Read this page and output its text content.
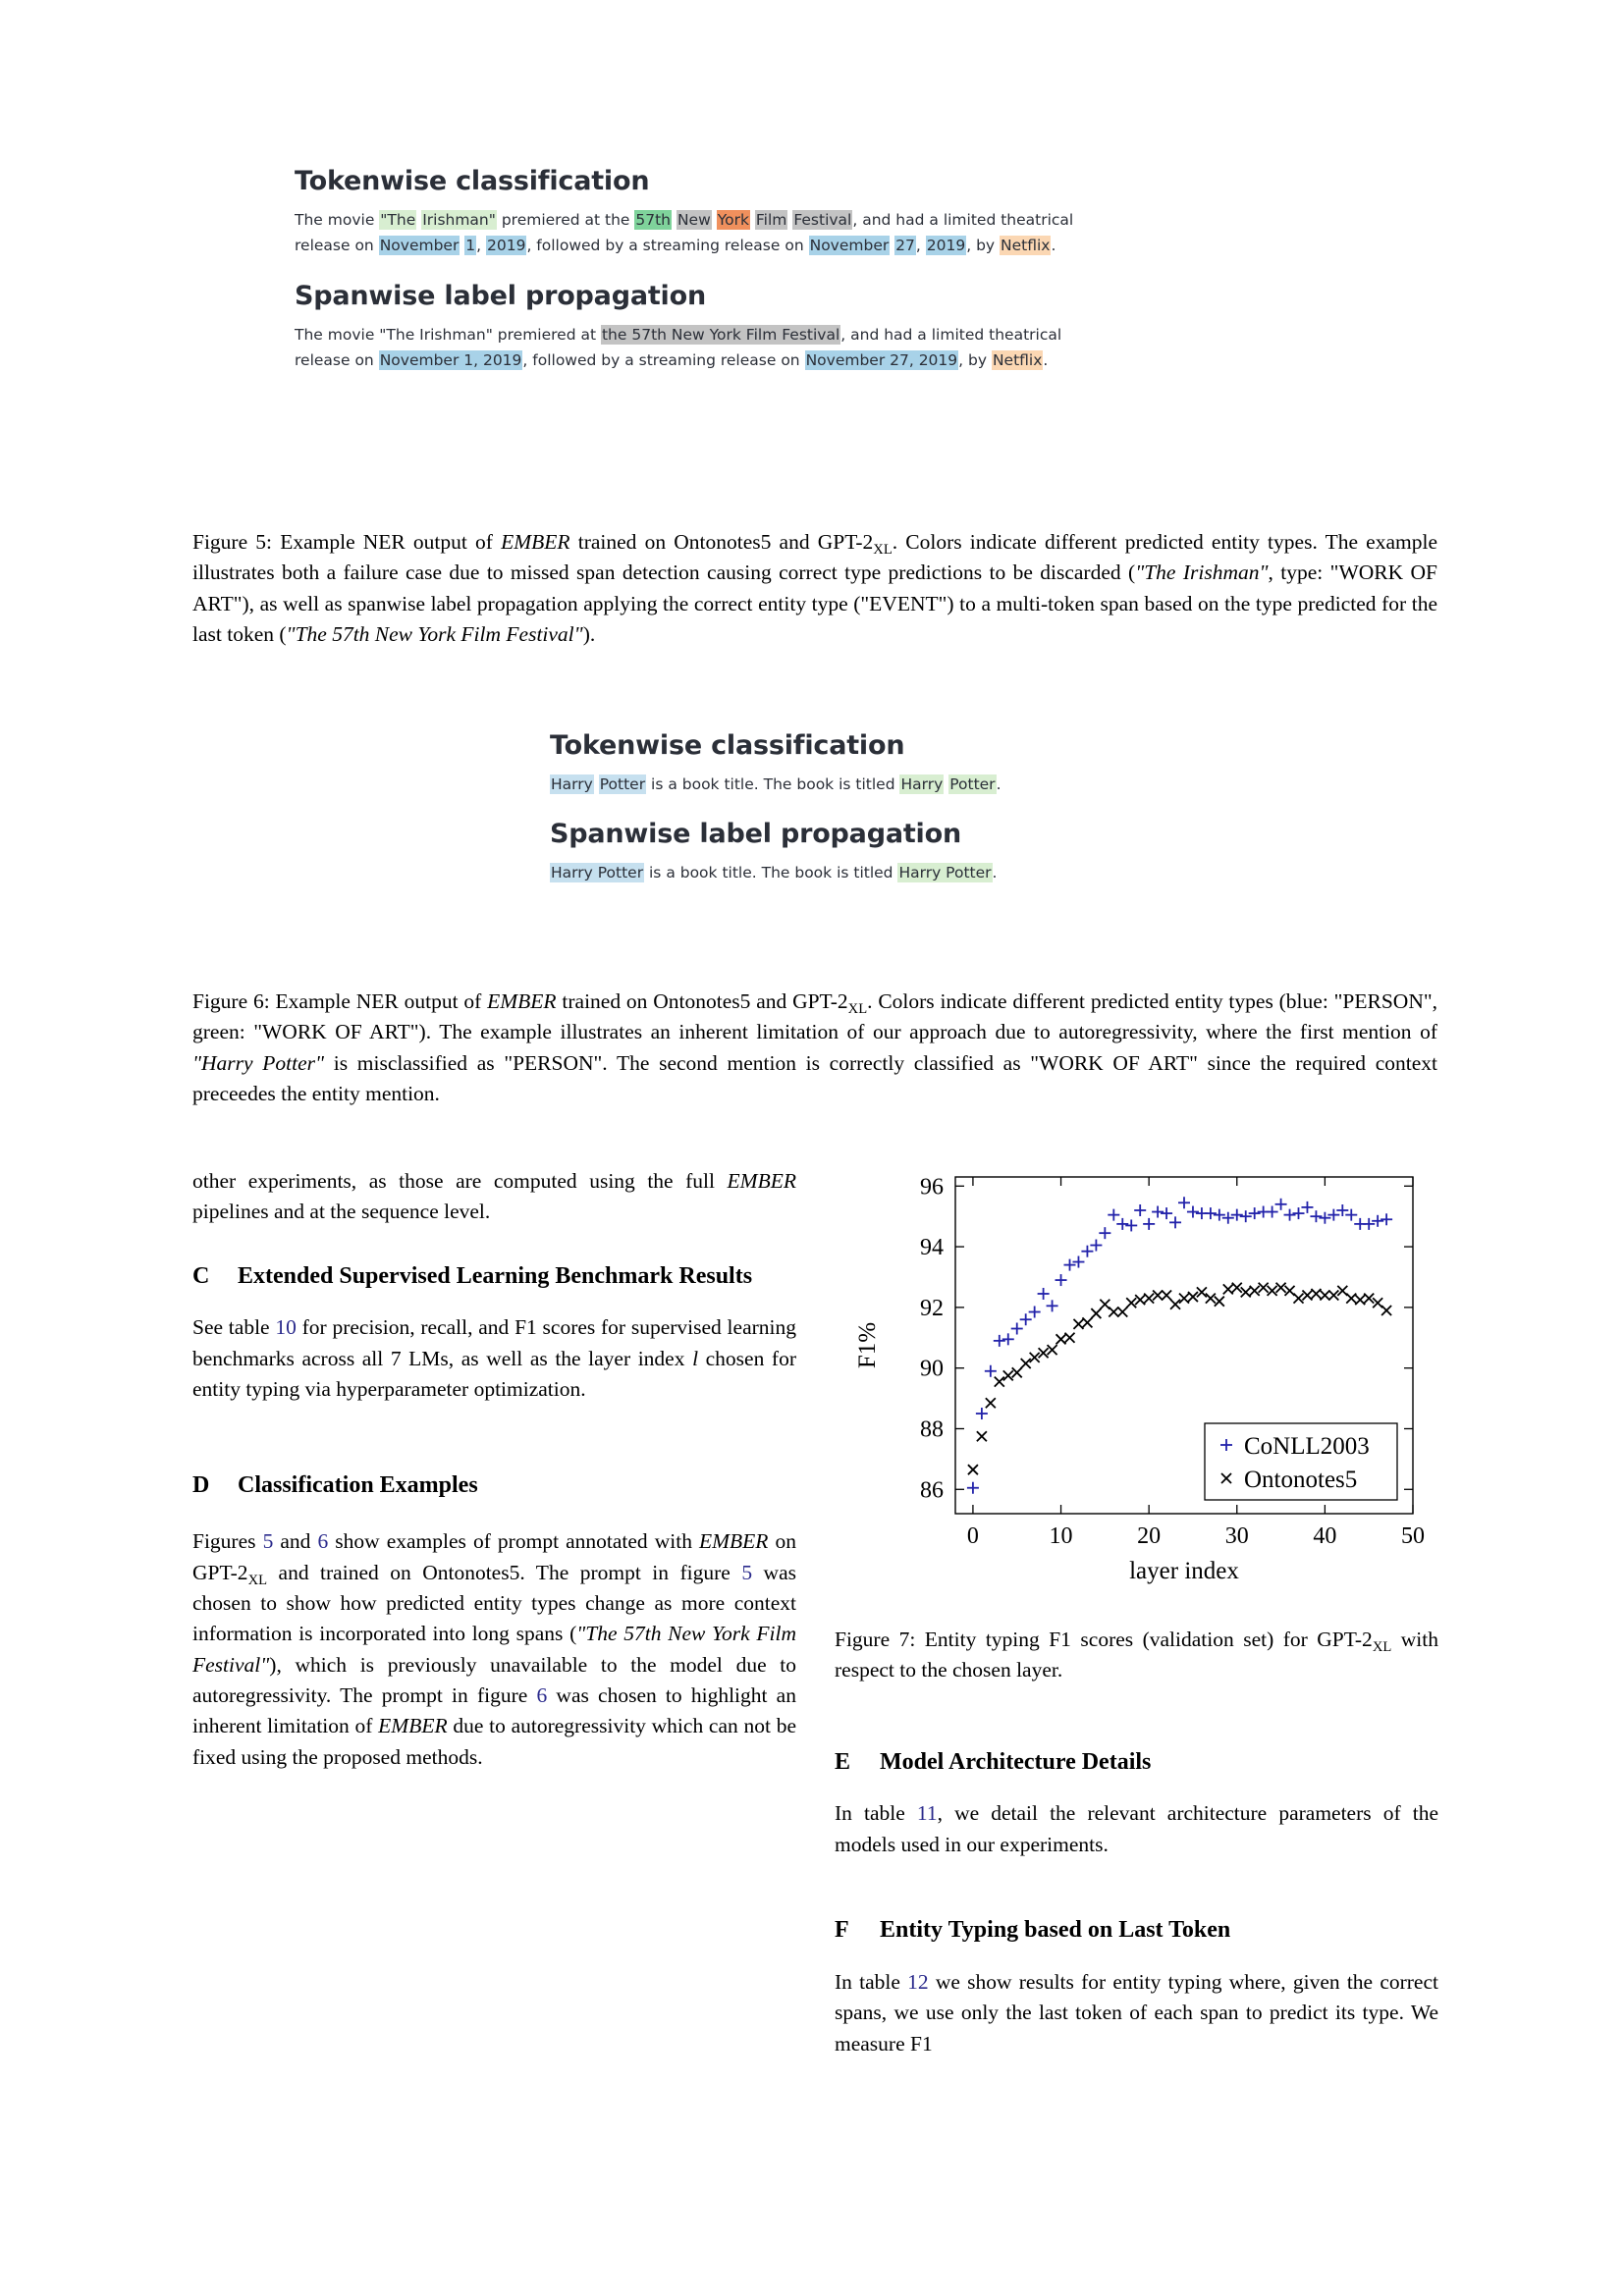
Tokenwise classification
The movie "The Irishman" premiered at the 57th New York Film Festival, and had a limited theatrical
release on November 1, 2019, followed by a streaming release on November 27, 2019, by Netflix.
Spanwise label propagation
The movie "The Irishman" premiered at the 57th New York Film Festival, and had a limited theatrical
release on November 1, 2019, followed by a streaming release on November 27, 2019, by Netflix.

Figure 5: Example NER output of EMBER trained on Ontonotes5 and GPT-$2_{XL}$. Colors indicate different predicted entity types. The example illustrates both a failure case due to missed span detection causing correct type predictions to be discarded ("The Irishman", type: "WORK OF ART"), as well as spanwise label propagation applying the correct entity type ("EVENT") to a multi-token span based on the type predicted for the last token ("The 57th New York Film Festival").

Tokenwise classification
Harry Potter is a book title. The book is titled Harry Potter.
Spanwise label propagation
Harry Potter is a book title. The book is titled Harry Potter.

Figure 6: Example NER output of EMBER trained on Ontonotes5 and GPT-$2_{XL}$. Colors indicate different predicted entity types (blue: "PERSON", green: "WORK OF ART"). The example illustrates an inherent limitation of our approach due to autoregressivity, where the first mention of "Harry Potter" is misclassified as "PERSON". The second mention is correctly classified as "WORK OF ART" since the required context preceedes the entity mention.

other experiments, as those are computed using the full EMBER pipelines and at the sequence level.

C	Extended Supervised Learning Benchmark Results

See table 10 for precision, recall, and F1 scores for supervised learning benchmarks across all 7 LMs, as well as the layer index l chosen for entity typing via hyperparameter optimization.

D	Classification Examples

Figures 5 and 6 show examples of prompt annotated with EMBER on GPT-$2_{XL}$ and trained on Ontonotes5. The prompt in figure 5 was chosen to show how predicted entity types change as more context information is incorporated into long spans ("The 57th New York Film Festival"), which is previously unavailable to the model due to autoregressivity. The prompt in figure 6 was chosen to highlight an inherent limitation of EMBER due to autoregressivity which can not be fixed using the proposed methods.

0	10	20	30	40	50
86
88
90
92
94
96
F1%
layer index
CoNLL2003
Ontonotes5

Figure 7: Entity typing F1 scores (validation set) for GPT-$2_{XL}$ with respect to the chosen layer.

E	Model Architecture Details

In table 11, we detail the relevant architecture parameters of the models used in our experiments.

F	Entity Typing based on Last Token

In table 12 we show results for entity typing where, given the correct spans, we use only the last token of each span to predict its type. We measure F1
